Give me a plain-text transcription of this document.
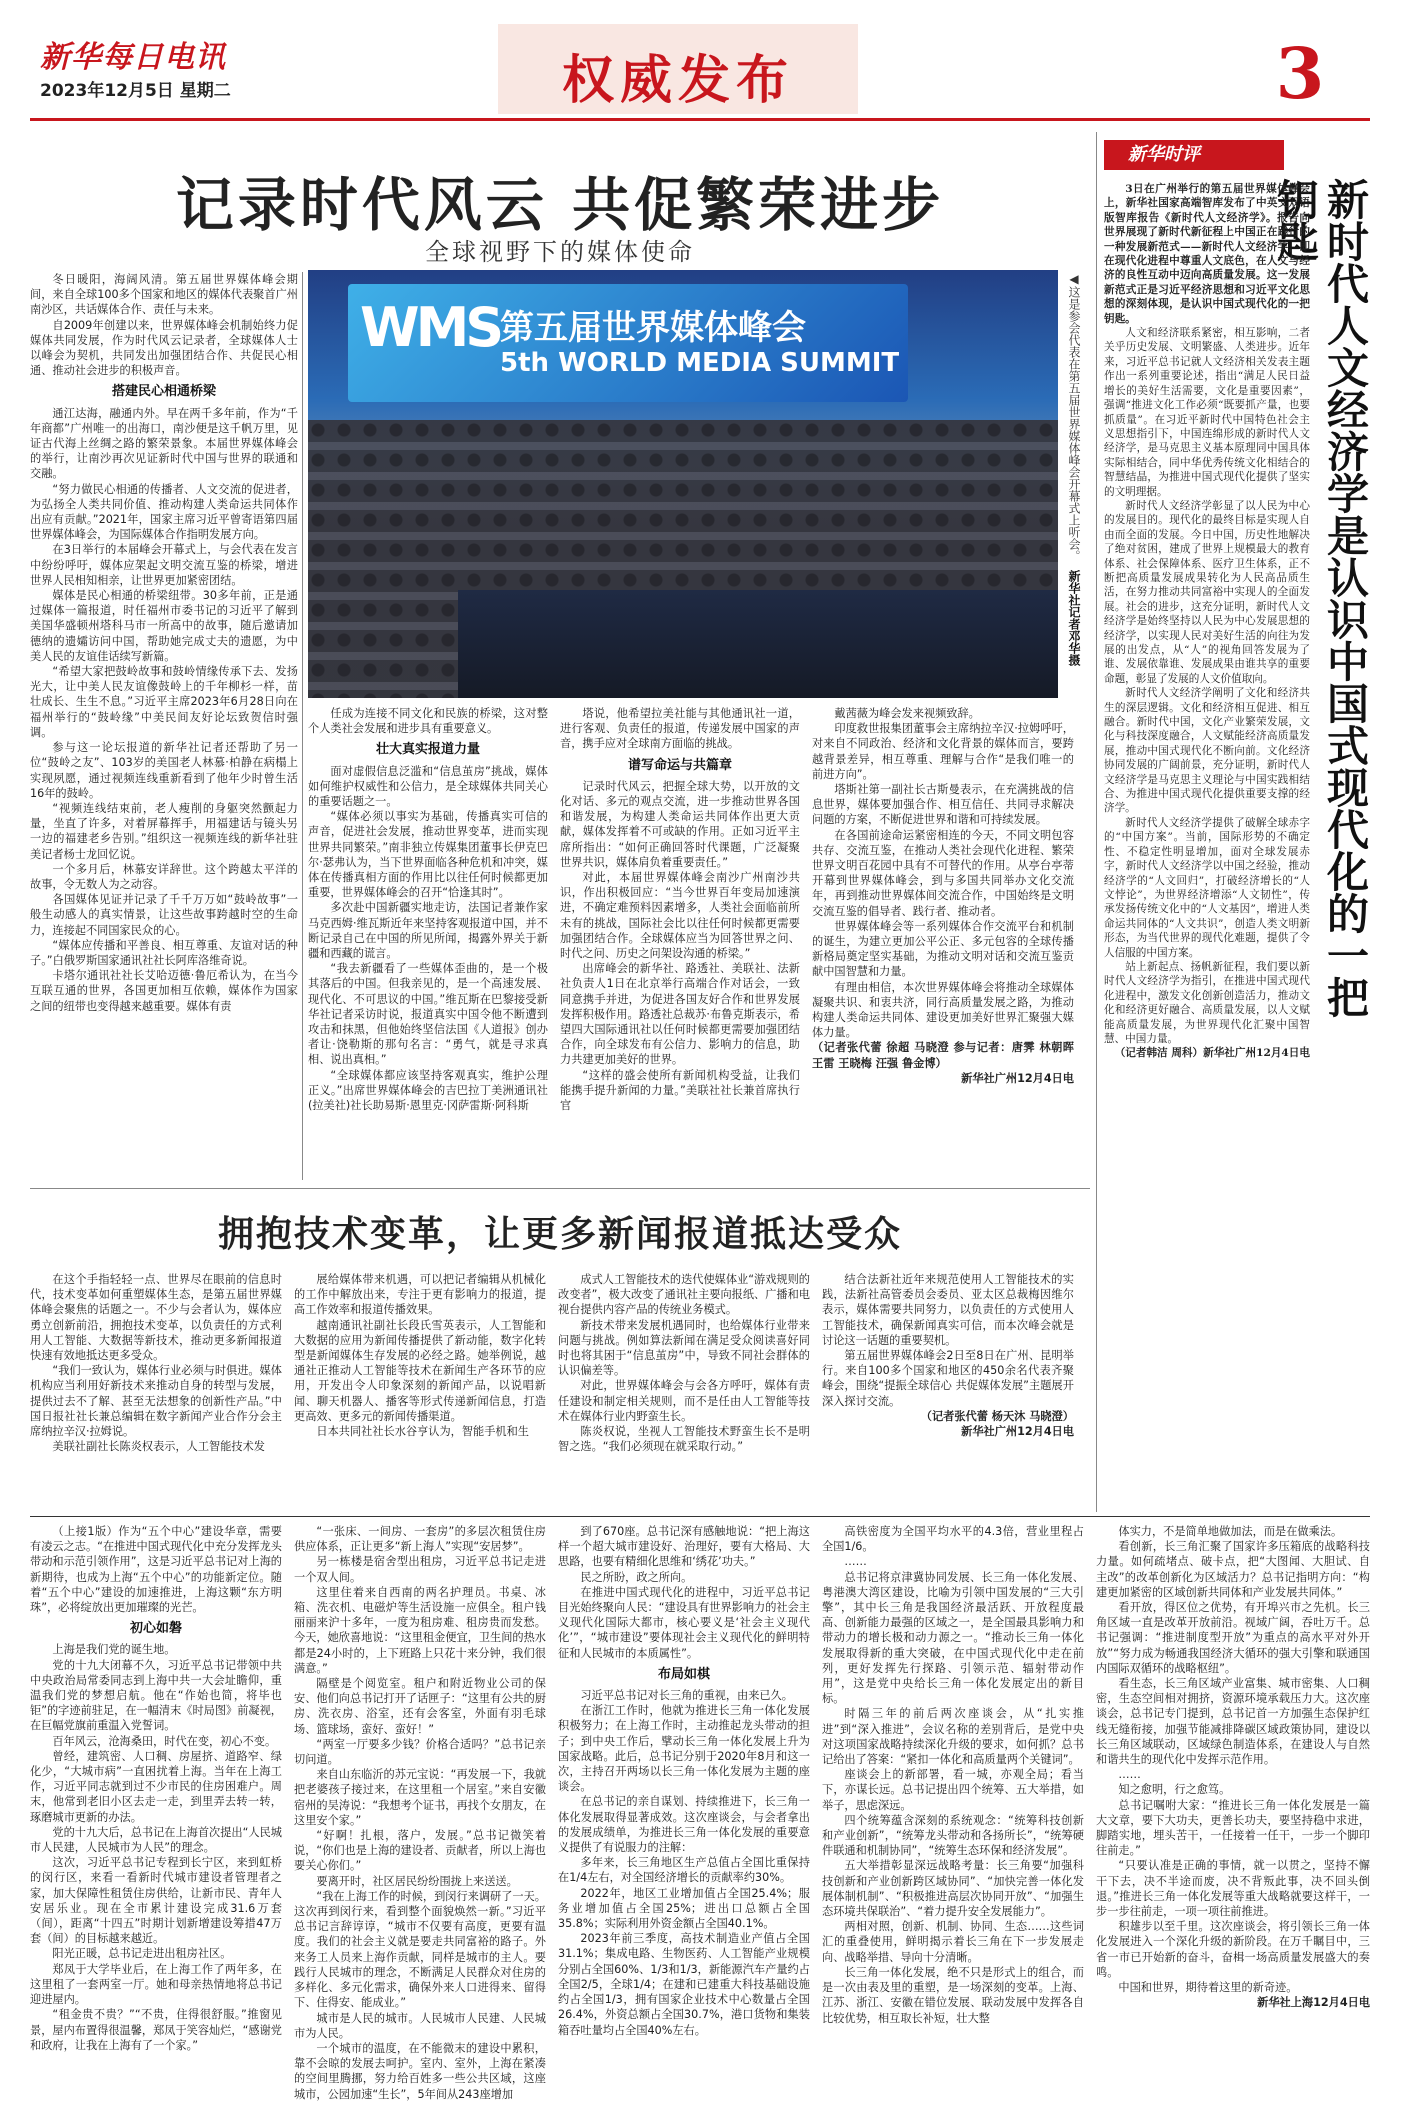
新华每日电讯
2023年12月5日 星期二	权威发布	3
记录时代风云 共促繁荣进步
全球视野下的媒体使命
WMS 第五届世界媒体峰会
5th WORLD MEDIA SUMMIT	◀这是参会代表在第五届世界媒体峰会开幕式上听会。
新华社记者邓华摄

冬日暖阳，海阔风清。第五届世界媒体峰会期间，来自全球100多个国家和地区的媒体代表聚首广州南沙区，共话媒体合作、责任与未来。

自2009年创建以来，世界媒体峰会机制始终力促媒体共同发展，作为时代风云记录者，全球媒体人士以峰会为契机，共同发出加强团结合作、共促民心相通、推动社会进步的积极声音。

搭建民心相通桥梁

通江达海，融通内外。早在两千多年前，作为“千年商都”广州唯一的出海口，南沙便是这千帆万里，见证古代海上丝绸之路的繁荣景象。本届世界媒体峰会的举行，让南沙再次见证新时代中国与世界的联通和交融。

“努力做民心相通的传播者、人文交流的促进者，为弘扬全人类共同价值、推动构建人类命运共同体作出应有贡献。”2021年，国家主席习近平曾寄语第四届世界媒体峰会，为国际媒体合作指明发展方向。

在3日举行的本届峰会开幕式上，与会代表在发言中纷纷呼吁，媒体应架起文明交流互鉴的桥梁，增进世界人民相知相亲，让世界更加紧密团结。

媒体是民心相通的桥梁纽带。30多年前，正是通过媒体一篇报道，时任福州市委书记的习近平了解到美国华盛顿州塔科马市一所高中的故事，随后邀请加德纳的遗孀访问中国，帮助她完成丈夫的遗愿，为中美人民的友谊佳话续写新篇。

“希望大家把鼓岭故事和鼓岭情缘传承下去、发扬光大，让中美人民友谊像鼓岭上的千年柳杉一样，苗壮成长、生生不息。”习近平主席2023年6月28日向在福州举行的“鼓岭缘”中美民间友好论坛致贺信时强调。

参与这一论坛报道的新华社记者还帮助了另一位“鼓岭之友”、103岁的美国老人林慕·柏静在病榻上实现夙愿，通过视频连线重新看到了他年少时曾生活16年的鼓岭。

“视频连线结束前，老人瘦削的身躯突然颤起力量，坐直了许多，对着屏幕挥手，用福建话与镜头另一边的福建老乡告别。”组织这一视频连线的新华社驻美记者杨士龙回忆说。

一个多月后，林慕安详辞世。这个跨越太平洋的故事，令无数人为之动容。

各国媒体见证并记录了千千万万如“鼓岭故事”一般生动感人的真实情景，让这些故事跨越时空的生命力，连接起不同国家民众的心。

“媒体应传播和平善良、相互尊重、友谊对话的种子。”白俄罗斯国家通讯社社长阿库洛维奇说。

卡塔尔通讯社社长艾哈迈德·鲁厄希认为，在当今互联互通的世界，各国更加相互依赖，媒体作为国家之间的纽带也变得越来越重要。媒体有责

任成为连接不同文化和民族的桥梁，这对整个人类社会发展和进步具有重要意义。

壮大真实报道力量

面对虚假信息泛滥和“信息茧房”挑战，媒体如何维护权威性和公信力，是全球媒体共同关心的重要话题之一。

“媒体必须以事实为基础，传播真实可信的声音，促进社会发展，推动世界变革，进而实现世界共同繁荣。”南非独立传媒集团董事长伊克巴尔·瑟弗认为，当下世界面临各种危机和冲突，媒体在传播真相方面的作用比以往任何时候都更加重要，世界媒体峰会的召开“恰逢其时”。

多次赴中国新疆实地走访，法国记者兼作家马克西姆·维瓦斯近年来坚持客观报道中国，并不断记录自己在中国的所见所闻，揭露外界关于新疆和西藏的谎言。

“我去新疆看了一些媒体歪曲的，是一个极其落后的中国。但我亲见的，是一个高速发展、现代化、不可思议的中国。”维瓦斯在巴黎接受新华社记者采访时说，报道真实中国令他不断遭到攻击和抹黑，但他始终坚信法国《人道报》创办者让·饶勒斯的那句名言：“勇气，就是寻求真相、说出真相。”

“全球媒体都应该坚持客观真实，维护公理正义。”出席世界媒体峰会的吉巴拉丁美洲通讯社(拉美社)社长助易斯·恩里克·冈萨雷斯·阿科斯

塔说，他希望拉美社能与其他通讯社一道，进行客观、负责任的报道，传递发展中国家的声音，携手应对全球南方面临的挑战。

谱写命运与共篇章

记录时代风云，把握全球大势，以开放的文化对话、多元的观点交流，进一步推动世界各国和谐发展，为构建人类命运共同体作出更大贡献，媒体发挥着不可或缺的作用。正如习近平主席所指出：“如何正确回答时代课题，广泛凝聚世界共识，媒体肩负着重要责任。”

对此，本届世界媒体峰会南沙广州南沙共识，作出积极回应：“当今世界百年变局加速演进，不确定难预料因素增多，人类社会面临前所未有的挑战，国际社会比以往任何时候都更需要加强团结合作。全球媒体应当为回答世界之问、时代之问、历史之问架设沟通的桥梁。”

出席峰会的新华社、路透社、美联社、法新社负责人1日在北京举行高端合作对话会，一致同意携手并进，为促进各国友好合作和世界发展发挥积极作用。路透社总裁苏·布鲁克斯表示，希望四大国际通讯社以任何时候都更需要加强团结合作，向全球发布有公信力、影响力的信息，助力共建更加美好的世界。

“这样的盛会使所有新闻机构受益，让我们能携手提升新闻的力量。”美联社社长兼首席执行官

戴茜薇为峰会发来视频致辞。

印度救世报集团董事会主席纳拉辛汉·拉姆呼吁，对来自不同政治、经济和文化背景的媒体而言，要跨越背景差异，相互尊重、理解与合作“是我们唯一的前进方向”。

塔斯社第一副社长古斯曼表示，在充满挑战的信息世界，媒体要加强合作、相互信任、共同寻求解决问题的方案，不断促进世界和谐和可持续发展。

在各国前途命运紧密相连的今天，不同文明包容共存、交流互鉴，在推动人类社会现代化进程、繁荣世界文明百花园中具有不可替代的作用。从亭台亭蒂开幕到世界媒体峰会，到与多国共同举办文化交流年，再到推动世界媒体间交流合作，中国始终是文明交流互鉴的倡导者、践行者、推动者。

世界媒体峰会等一系列媒体合作交流平台和机制的诞生，为建立更加公平公正、多元包容的全球传播新格局奠定坚实基础，为推动文明对话和交流互鉴贡献中国智慧和力量。

有理由相信，本次世界媒体峰会将推动全球媒体凝聚共识、和衷共济，同行高质量发展之路，为推动构建人类命运共同体、建设更加美好世界汇聚强大媒体力量。

（记者张代蕾 徐超 马晓澄 参与记者：唐霁 林朝晖 王雷 王晓梅 汪强 鲁金博）

新华社广州12月4日电

拥抱技术变革，让更多新闻报道抵达受众

在这个手指轻轻一点、世界尽在眼前的信息时代，技术变革如何重塑媒体生态，是第五届世界媒体峰会聚焦的话题之一。不少与会者认为，媒体应勇立创新前沿，拥抱技术变革，以负责任的方式利用人工智能、大数据等新技术，推动更多新闻报道快速有效地抵达更多受众。

“我们一致认为，媒体行业必须与时俱进。媒体机构应当利用好新技术来推动自身的转型与发展，提供过去不了解、甚至无法想象的创新性产品。”中国日报社社长兼总编辑在数字新闻产业合作分会主席纳拉辛汉·拉姆说。

美联社副社长陈炎权表示，人工智能技术发

展给媒体带来机遇，可以把记者编辑从机械化的工作中解放出来，专注于更有影响力的报道，提高工作效率和报道传播效果。

越南通讯社副社长段氏雪英表示，人工智能和大数据的应用为新闻传播提供了新动能，数字化转型是新闻媒体生存发展的必经之路。她举例说，越通社正推动人工智能等技术在新闻生产各环节的应用，开发出令人印象深刻的新闻产品，以说唱新闻、聊天机器人、播客等形式传递新闻信息，打造更高效、更多元的新闻传播渠道。

日本共同社社长水谷亨认为，智能手机和生

成式人工智能技术的迭代使媒体业“游戏规则的改变者”，极大改变了通讯社主要向报纸、广播和电视台提供内容产品的传统业务模式。

新技术带来发展机遇同时，也给媒体行业带来问题与挑战。例如算法新闻在满足受众阅读喜好同时也将其困于“信息茧房”中，导致不同社会群体的认识偏差等。

对此，世界媒体峰会与会各方呼吁，媒体有责任建设和制定相关规则，而不是任由人工智能等技术在媒体行业内野蛮生长。

陈炎权说，坐视人工智能技术野蛮生长不是明智之选。“我们必须现在就采取行动。”

结合法新社近年来规范使用人工智能技术的实践，法新社高管委员会委员、亚太区总裁梅因维尔表示，媒体需要共同努力，以负责任的方式使用人工智能技术，确保新闻真实可信，而本次峰会就是讨论这一话题的重要契机。

第五届世界媒体峰会2日至8日在广州、昆明举行。来自100多个国家和地区的450余名代表齐聚峰会，围绕“提振全球信心 共促媒体发展”主题展开深入探讨交流。

（记者张代蕾 杨天沐 马晓澄）

新华社广州12月4日电

新华时评
新时代人文经济学是认识中国式现代化的一把钥匙

3日在广州举行的第五届世界媒体峰会上，新华社国家高端智库发布了中英文双语版智库报告《新时代人文经济学》。报告向世界展现了新时代新征程上中国正在践行的一种发展新范式——新时代人文经济学，即在现代化进程中尊重人文底色，在人文与经济的良性互动中迈向高质量发展。这一发展新范式正是习近平经济思想和习近平文化思想的深刻体现，是认识中国式现代化的一把钥匙。

人文和经济联系紧密，相互影响，二者关乎历史发展、文明繁盛、人类进步。近年来，习近平总书记就人文经济相关发表主题作出一系列重要论述，指出“满足人民日益增长的美好生活需要，文化是重要因素”，强调“推进文化工作必须“既要抓产量，也要抓质量”。在习近平新时代中国特色社会主义思想指引下，中国连绵形成的新时代人文经济学，是马克思主义基本原理同中国具体实际相结合，同中华优秀传统文化相结合的智慧结晶，为推进中国式现代化提供了坚实的文明理据。

新时代人文经济学彰显了以人民为中心的发展目的。现代化的最终目标是实现人自由而全面的发展。今日中国，历史性地解决了绝对贫困，建成了世界上规模最大的教育体系、社会保障体系、医疗卫生体系，正不断把高质量发展成果转化为人民高品质生活，在努力推动共同富裕中实现人的全面发展。社会的进步，这充分证明，新时代人文经济学是始终坚持以人民为中心发展思想的经济学，以实现人民对美好生活的向往为发展的出发点，从“人”的视角回答发展为了谁、发展依靠谁、发展成果由谁共享的重要命题，彰显了发展的人文价值取向。

新时代人文经济学阐明了文化和经济共生的深层逻辑。文化和经济相互促进、相互融合。新时代中国，文化产业繁荣发展，文化与科技深度融合，人文赋能经济高质量发展，推动中国式现代化不断向前。文化经济协同发展的广阔前景，充分证明，新时代人文经济学是马克思主义理论与中国实践相结合、为推进中国式现代化提供重要支撑的经济学。

新时代人文经济学提供了破解全球赤字的“中国方案”。当前，国际形势的不确定性、不稳定性明显增加，面对全球发展赤字，新时代人文经济学以中国之经验，推动经济学的“人文回归”，打破经济增长的“人文悖论”，为世界经济增添“人文韧性”，传承发扬传统文化中的“人文基因”，增进人类命运共同体的“人文共识”，创造人类文明新形态，为当代世界的现代化难题，提供了令人信服的中国方案。

站上新起点、扬帆新征程，我们要以新时代人文经济学为指引，在推进中国式现代化进程中，激发文化创新创造活力，推动文化和经济更好融合、高质量发展，以人文赋能高质量发展，为世界现代化汇聚中国智慧、中国力量。

（记者韩洁 周科）新华社广州12月4日电

（上接1版）作为“五个中心”建设华章，需要有凌云之志。“在推进中国式现代化中充分发挥龙头带动和示范引领作用”，这是习近平总书记对上海的新期待，也成为上海“五个中心”的功能新定位。随着“五个中心”建设的加速推进，上海这颗“东方明珠”，必将绽放出更加璀璨的光芒。

初心如磐

上海是我们党的诞生地。

党的十九大闭幕不久，习近平总书记带领中共中央政治局常委同志到上海中共一大会址瞻仰，重温我们党的梦想启航。他在“作始也简，将毕也钜”的字迹前驻足，在一幅清末《时局图》前凝视，在巨幅党旗前重温入党誓词。

百年风云，沧海桑田，时代在变，初心不变。

曾经，建筑密、人口稠、房屋挤、道路窄、绿化少，“大城市病”一直困扰着上海。当年在上海工作，习近平同志就到过不少市民的住房困难户。周末，他常到老旧小区去走一走，到里弄去转一转，琢磨城市更新的办法。

党的十九大后，总书记在上海首次提出“人民城市人民建，人民城市为人民”的理念。

这次，习近平总书记专程到长宁区，来到虹桥的闵行区，来看一看新时代城市建设者管理者之家，加大保障性租赁住房供给，让新市民、青年人安居乐业。现在全市累计建设完成31.6万套（间），距离“十四五”时期计划新增建设筹措47万套（间）的目标越来越近。

阳光正暖，总书记走进出租房社区。

郑凤于大学毕业后，在上海工作了两年多，在这里租了一套两室一厅。她和母亲热情地将总书记迎进屋内。

“租金贵不贵？”“不贵，住得很舒服。”推窗见景，屋内布置得很温馨，郑凤于笑容灿烂，“感谢党和政府，让我在上海有了一个家。”

“一张床、一间房、一套房”的多层次租赁住房供应体系，正让更多“新上海人”实现“安居梦”。

另一栋楼是宿舍型出租房，习近平总书记走进一个双人间。

这里住着来自西南的两名护理员。书桌、冰箱、洗衣机、电磁炉等生活设施一应俱全。租户钱丽丽来沪十多年，一度为租房难、租房贵而发愁。今天，她欣喜地说：“这里租金便宜，卫生间的热水都是24小时的，上下班路上只花十来分钟，我们很满意。”

隔壁是个阅览室。租户和附近物业公司的保安、他们向总书记打开了话匣子：“这里有公共的厨房、洗衣房、浴室，还有会客室，外面有羽毛球场、篮球场，蛮好、蛮好！”

“两室一厅要多少钱？价格合适吗？”总书记亲切问道。

来自山东临沂的苏元宝说：“再发展一下，我就把老婆孩子接过来，在这里租一个居室。”来自安徽宿州的吴涛说：“我想考个证书，再找个女朋友，在这里安个家。”

“好啊！扎根，落户，发展。”总书记微笑着说，“你们也是上海的建设者、贡献者，所以上海也要关心你们。”

要离开时，社区居民纷纷围拢上来送送。

“我在上海工作的时候，到闵行来调研了一天。这次再到闵行来，看到整个面貌焕然一新。”习近平总书记言辞谆谆，“城市不仅要有高度，更要有温度。我们的社会主义就是要走共同富裕的路子。外来务工人员来上海作贡献，同样是城市的主人。要践行人民城市的理念，不断满足人民群众对住房的多样化、多元化需求，确保外来人口进得来、留得下、住得安、能成业。”

城市是人民的城市。人民城市人民建、人民城市为人民。

一个城市的温度，在不能微末的建设中累积，靠不会晾的发展去呵护。室内、室外，上海在紧凑的空间里腾挪，努力给百姓多一些公共区域，这座城市，公园加速“生长”，5年间从243座增加

到了670座。总书记深有感触地说：“把上海这样一个超大城市建设好、治理好，要有大格局、大思路，也要有精细化思维和‘绣花’功夫。”

民之所盼，政之所向。

在推进中国式现代化的进程中，习近平总书记目光始终聚向人民：“建设具有世界影响力的社会主义现代化国际大都市，核心要义是‘社会主义现代化’”，“城市建设”要体现社会主义现代化的鲜明特征和人民城市的本质属性”。

布局如棋

习近平总书记对长三角的重视，由来已久。

在浙江工作时，他就为推进长三角一体化发展积极努力；在上海工作时，主动推起龙头带动的担子；到中央工作后，擘动长三角一体化发展上升为国家战略。此后，总书记分别于2020年8月和这一次，主持召开两场以长三角一体化发展为主题的座谈会。

在总书记的亲自谋划、持续推进下，长三角一体化发展取得显著成效。这次座谈会，与会者拿出的发展成绩单，为推进长三角一体化发展的重要意义提供了有说服力的注解：

多年来，长三角地区生产总值占全国比重保持在1/4左右，对全国经济增长的贡献率约30%。

2022年，地区工业增加值占全国25.4%；服务业增加值占全国25%；进出口总额占全国35.8%；实际利用外资金额占全国40.1%。

2023年前三季度，高技术制造业产值占全国31.1%；集成电路、生物医药、人工智能产业规模分别占全国60%、1/3和1/3，新能源汽车产量约占全国2/5，全球1/4；在建和已建重大科技基础设施约占全国1/3，拥有国家企业技术中心数量占全国26.4%，外资总额占全国30.7%，港口货物和集装箱吞吐量均占全国40%左右。

高铁密度为全国平均水平的4.3倍，营业里程占全国1/6。

……

总书记将京津冀协同发展、长三角一体化发展、粤港澳大湾区建设，比喻为引领中国发展的“三大引擎”，其中长三角是我国经济最活跃、开放程度最高、创新能力最强的区域之一，是全国最具影响力和带动力的增长极和动力源之一。“推动长三角一体化发展取得新的重大突破，在中国式现代化中走在前列，更好发挥先行探路、引领示范、辐射带动作用”，这是党中央给长三角一体化发展定出的新目标。

时隔三年的前后两次座谈会，从“扎实推进”到“深入推进”，会议名称的差别背后，是党中央对这项国家战略持续深化升级的要求，如何抓？总书记给出了答案：“紧扣一体化和高质量两个关键词”。

座谈会上的新部署，看一城，亦观全局；看当下，亦谋长远。总书记提出四个统筹、五大举措，如举子，思虑深远。

四个统筹蕴含深刻的系统观念：“统筹科技创新和产业创新”，“统筹龙头带动和各扬所长”，“统筹硬件联通和机制协同”，“统筹生态环保和经济发展”。

五大举措彰显深远战略考量：长三角要“加强科技创新和产业创新跨区域协同”、“加快完善一体化发展体制机制”、“积极推进高层次协同开放”、“加强生态环境共保联治”、“着力提升安全发展能力”。

两相对照，创新、机制、协同、生态……这些词汇的重叠使用，鲜明揭示着长三角在下一步发展走向、战略举措、导向十分清晰。

长三角一体化发展，绝不只是形式上的组合，而是一次由表及里的重塑，是一场深刻的变革。上海、江苏、浙江、安徽在错位发展、联动发展中发挥各自比较优势，相互取长补短，壮大整

体实力，不是简单地做加法，而是在做乘法。

看创新，长三角汇聚了国家许多压箱底的战略科技力量。如何疏堵点、破卡点，把“大图闻、大胆试、自主改”的改革创新化为区域活力？总书记指明方向：“构建更加紧密的区域创新共同体和产业发展共同体。”

看开放，得区位之优势，有开埠兴市之先机。长三角区域一直是改革开放前沿。视域广阔，吞吐万千。总书记强调：“推进制度型开放”为重点的高水平对外开放”“努力成为畅通我国经济大循环的强大引擎和联通国内国际双循环的战略枢纽”。

看生态，长三角区域产业富集、城市密集、人口稠密，生态空间相对拥挤，资源环境承载压力大。这次座谈会，总书记专门提到，总书记首一方加强生态保护红线无缝衔接，加强节能减排降碳区域政策协同，建设以长三角区域联动，区域绿色制造体系，在建设人与自然和谐共生的现代化中发挥示范作用。

……

知之愈明，行之愈笃。

总书记嘱咐大家：“推进长三角一体化发展是一篇大文章，要下大功夫，更善长功夫，要坚持稳中求进，脚踏实地，埋头苦干，一任接着一任干，一步一个脚印往前走。”

“只要认准是正确的事情，就一以贯之，坚持不懈干下去，决不半途而废，决不背叛此事，决不回头倒退。”推进长三角一体化发展等重大战略就要这样干，一步一步往前走，一项一项往前推进。

积雄步以至千里。这次座谈会，将引领长三角一体化发展进入一个深化升级的新阶段。在万千瞩目中，三省一市已开始新的奋斗，奋楫一场高质量发展盛大的奏鸣。

中国和世界，期待着这里的新奇迹。

新华社上海12月4日电
